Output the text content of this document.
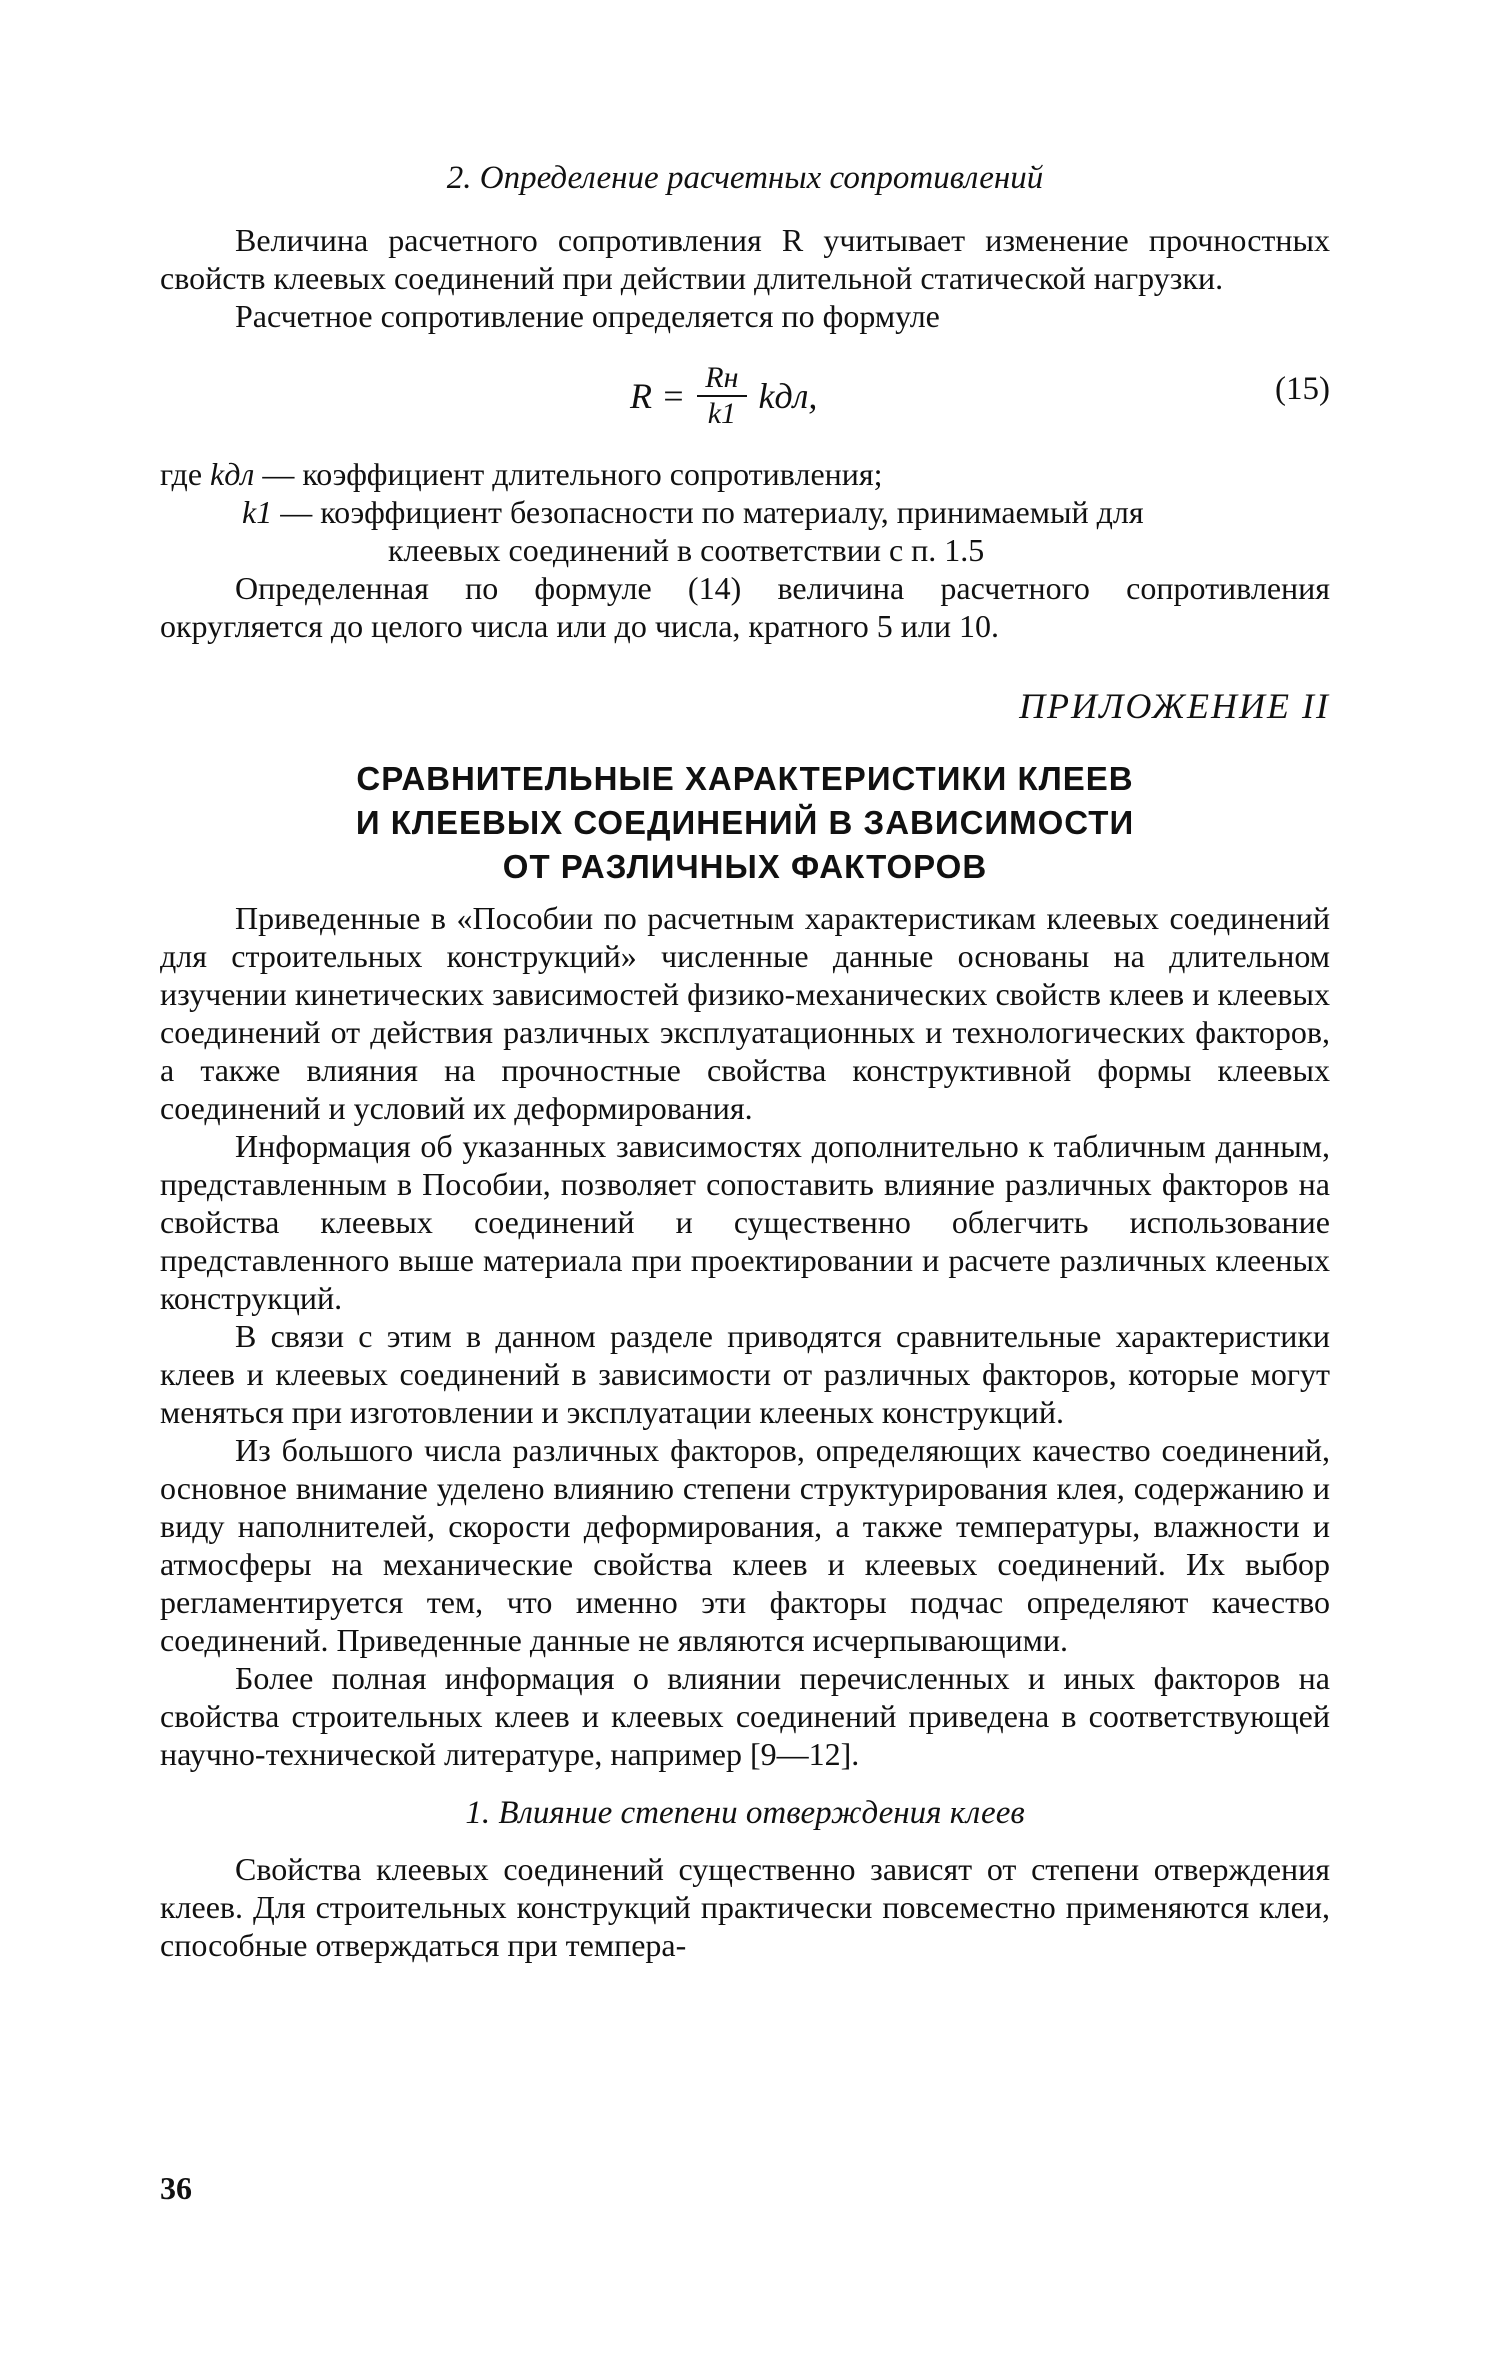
2. Определение расчетных сопротивлений

Величина расчетного сопротивления R учитывает изменение прочностных свойств клеевых соединений при действии длительной статической нагрузки.

Расчетное сопротивление определяется по формуле

$R = \frac{Rн}{k1}$ kдл,	(15)
где
kдл
— коэффициент длительного сопротивления;
k1
— коэффициент безопасности по материалу, принимаемый для
клеевых соединений в соответствии с п. 1.5

Определенная по формуле (14) величина расчетного сопротивления округляется до целого числа или до числа, кратного 5 или 10.

ПРИЛОЖЕНИЕ II
СРАВНИТЕЛЬНЫЕ ХАРАКТЕРИСТИКИ КЛЕЕВ
И КЛЕЕВЫХ СОЕДИНЕНИЙ В ЗАВИСИМОСТИ
ОТ РАЗЛИЧНЫХ ФАКТОРОВ

Приведенные в «Пособии по расчетным характеристикам клеевых соединений для строительных конструкций» численные данные основаны на длительном изучении кинетических зависимостей физико-механических свойств клеев и клеевых соединений от действия различных эксплуатационных и технологических факторов, а также влияния на прочностные свойства конструктивной формы клеевых соединений и условий их деформирования.

Информация об указанных зависимостях дополнительно к табличным данным, представленным в Пособии, позволяет сопоставить влияние различных факторов на свойства клеевых соединений и существенно облегчить использование представленного выше материала при проектировании и расчете различных клееных конструкций.

В связи с этим в данном разделе приводятся сравнительные характеристики клеев и клеевых соединений в зависимости от различных факторов, которые могут меняться при изготовлении и эксплуатации клееных конструкций.

Из большого числа различных факторов, определяющих качество соединений, основное внимание уделено влиянию степени структурирования клея, содержанию и виду наполнителей, скорости деформирования, а также температуры, влажности и атмосферы на механические свойства клеев и клеевых соединений. Их выбор регламентируется тем, что именно эти факторы подчас определяют качество соединений. Приведенные данные не являются исчерпывающими.

Более полная информация о влиянии перечисленных и иных факторов на свойства строительных клеев и клеевых соединений приведена в соответствующей научно-технической литературе, например [9—12].

1. Влияние степени отверждения клеев

Свойства клеевых соединений существенно зависят от степени отверждения клеев. Для строительных конструкций практически повсеместно применяются клеи, способные отверждаться при темпера-

36
